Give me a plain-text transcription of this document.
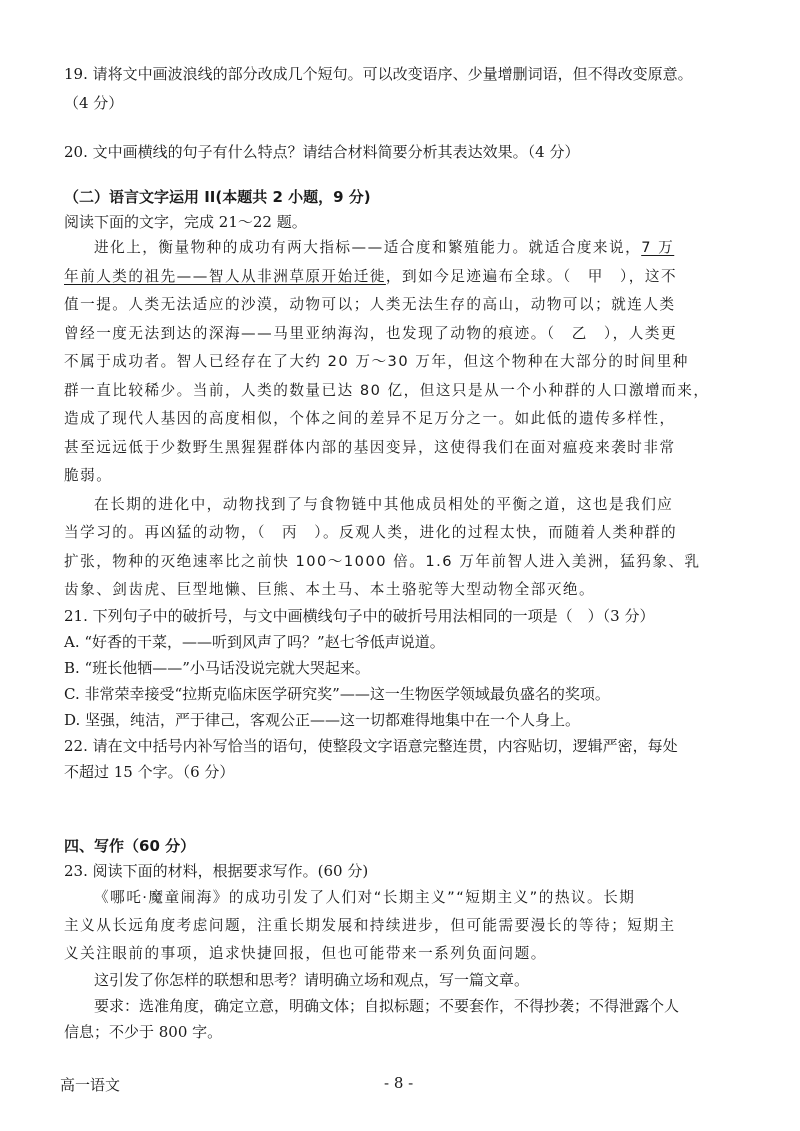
19. 请将文中画波浪线的部分改成几个短句。可以改变语序、少量增删词语，但不得改变原意。
（4 分）
20. 文中画横线的句子有什么特点？请结合材料简要分析其表达效果。（4 分）
（二）语言文字运用 II(本题共 2 小题，9 分)
阅读下面的文字，完成 21～22 题。
进化上，衡量物种的成功有两大指标——适合度和繁殖能力。就适合度来说，7 万
年前人类的祖先——智人从非洲草原开始迁徙，到如今足迹遍布全球。（　甲　），这不
值一提。人类无法适应的沙漠，动物可以；人类无法生存的高山，动物可以；就连人类
曾经一度无法到达的深海——马里亚纳海沟，也发现了动物的痕迹。（　乙　），人类更
不属于成功者。智人已经存在了大约 20 万～30 万年，但这个物种在大部分的时间里种
群一直比较稀少。当前，人类的数量已达 80 亿，但这只是从一个小种群的人口激增而来，
造成了现代人基因的高度相似，个体之间的差异不足万分之一。如此低的遗传多样性，
甚至远远低于少数野生黑猩猩群体内部的基因变异，这使得我们在面对瘟疫来袭时非常
脆弱。
在长期的进化中，动物找到了与食物链中其他成员相处的平衡之道，这也是我们应
当学习的。再凶猛的动物，（　丙　）。反观人类，进化的过程太快，而随着人类种群的
扩张，物种的灭绝速率比之前快 100～1000 倍。1.6 万年前智人进入美洲，猛犸象、乳
齿象、剑齿虎、巨型地懒、巨熊、本土马、本土骆驼等大型动物全部灭绝。
21. 下列句子中的破折号，与文中画横线句子中的破折号用法相同的一项是（　）（3 分）
A. “好香的干菜，——听到风声了吗？”赵七爷低声说道。
B. “班长他牺——”小马话没说完就大哭起来。
C. 非常荣幸接受“拉斯克临床医学研究奖”——这一生物医学领域最负盛名的奖项。
D. 坚强，纯洁，严于律己，客观公正——这一切都难得地集中在一个人身上。
22. 请在文中括号内补写恰当的语句，使整段文字语意完整连贯，内容贴切，逻辑严密，每处
不超过 15 个字。（6 分）
四、写作（60 分）
23. 阅读下面的材料，根据要求写作。(60 分)
《哪吒·魔童闹海》的成功引发了人们对“长期主义”“短期主义”的热议。长期
主义从长远角度考虑问题，注重长期发展和持续进步，但可能需要漫长的等待；短期主
义关注眼前的事项，追求快捷回报，但也可能带来一系列负面问题。
这引发了你怎样的联想和思考？请明确立场和观点，写一篇文章。
要求：选准角度，确定立意，明确文体；自拟标题；不要套作，不得抄袭；不得泄露个人
信息；不少于 800 字。
高一语文	- 8 -
